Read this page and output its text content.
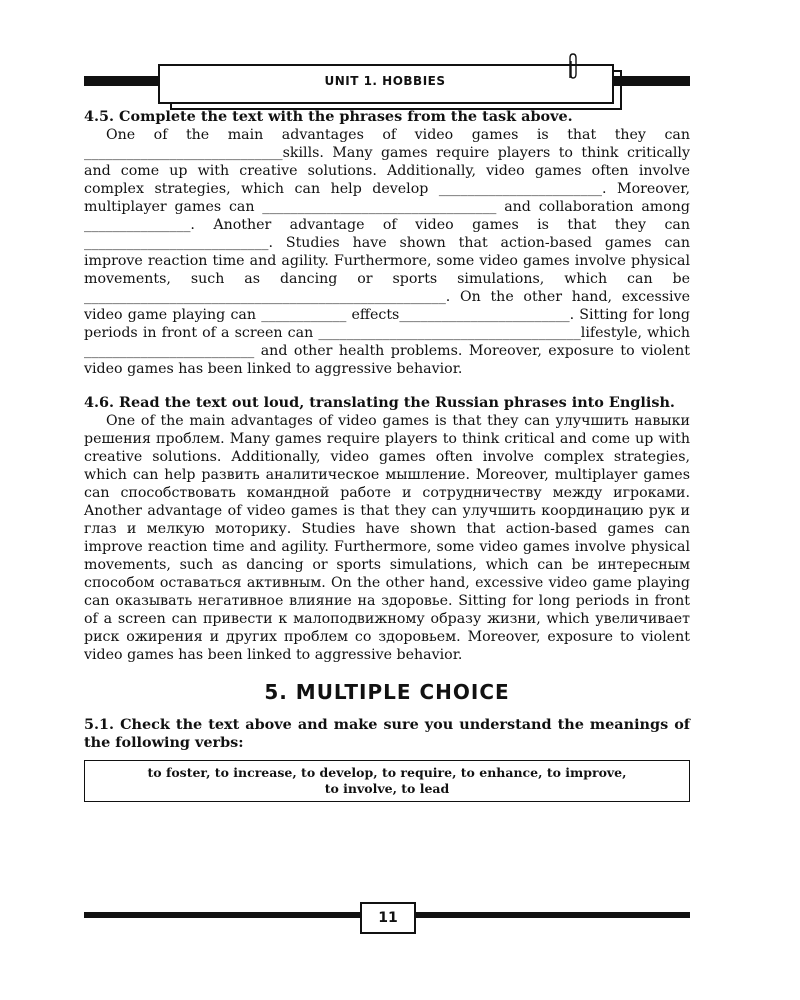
UNIT 1. HOBBIES

4.5. Complete the text with the phrases from the task above.

One of the main advantages of video games is that they can ____________________________skills. Many games require players to think critically and come up with creative solutions. Additionally, video games often involve complex strategies, which can help develop _______________________. Moreover, multiplayer games can _________________________________ and collaboration among _______________. Another advantage of video games is that they can __________________________. Studies have shown that action-based games can improve reaction time and agility. Furthermore, some video games involve physical movements, such as dancing or sports simulations, which can be ___________________________________________________. On the other hand, excessive video game playing can ____________ effects________________________. Sitting for long periods in front of a screen can _____________________________________lifestyle, which ________________________ and other health problems. Moreover, exposure to violent video games has been linked to aggressive behavior.

4.6. Read the text out loud, translating the Russian phrases into English.

One of the main advantages of video games is that they can улучшить навыки решения проблем. Many games require players to think critical and come up with creative solutions. Additionally, video games often involve complex strategies, which can help развить аналитическое мышление. Moreover, multiplayer games can способствовать командной работе и сотрудничеству между игроками. Another advantage of video games is that they can улучшить координацию рук и глаз и мелкую моторику. Studies have shown that action-based games can improve reaction time and agility. Furthermore, some video games involve physical movements, such as dancing or sports simulations, which can be интересным способом оставаться активным. On the other hand, excessive video game playing can оказывать негативное влияние на здоровье. Sitting for long periods in front of a screen can привести к малоподвижному образу жизни, which увеличивает риск ожирения и других проблем со здоровьем. Moreover, exposure to violent video games has been linked to aggressive behavior.

5. MULTIPLE CHOICE

5.1. Check the text above and make sure you understand the meanings of the following verbs:

to foster, to increase, to develop, to require, to enhance, to improve,
to involve, to lead
11
